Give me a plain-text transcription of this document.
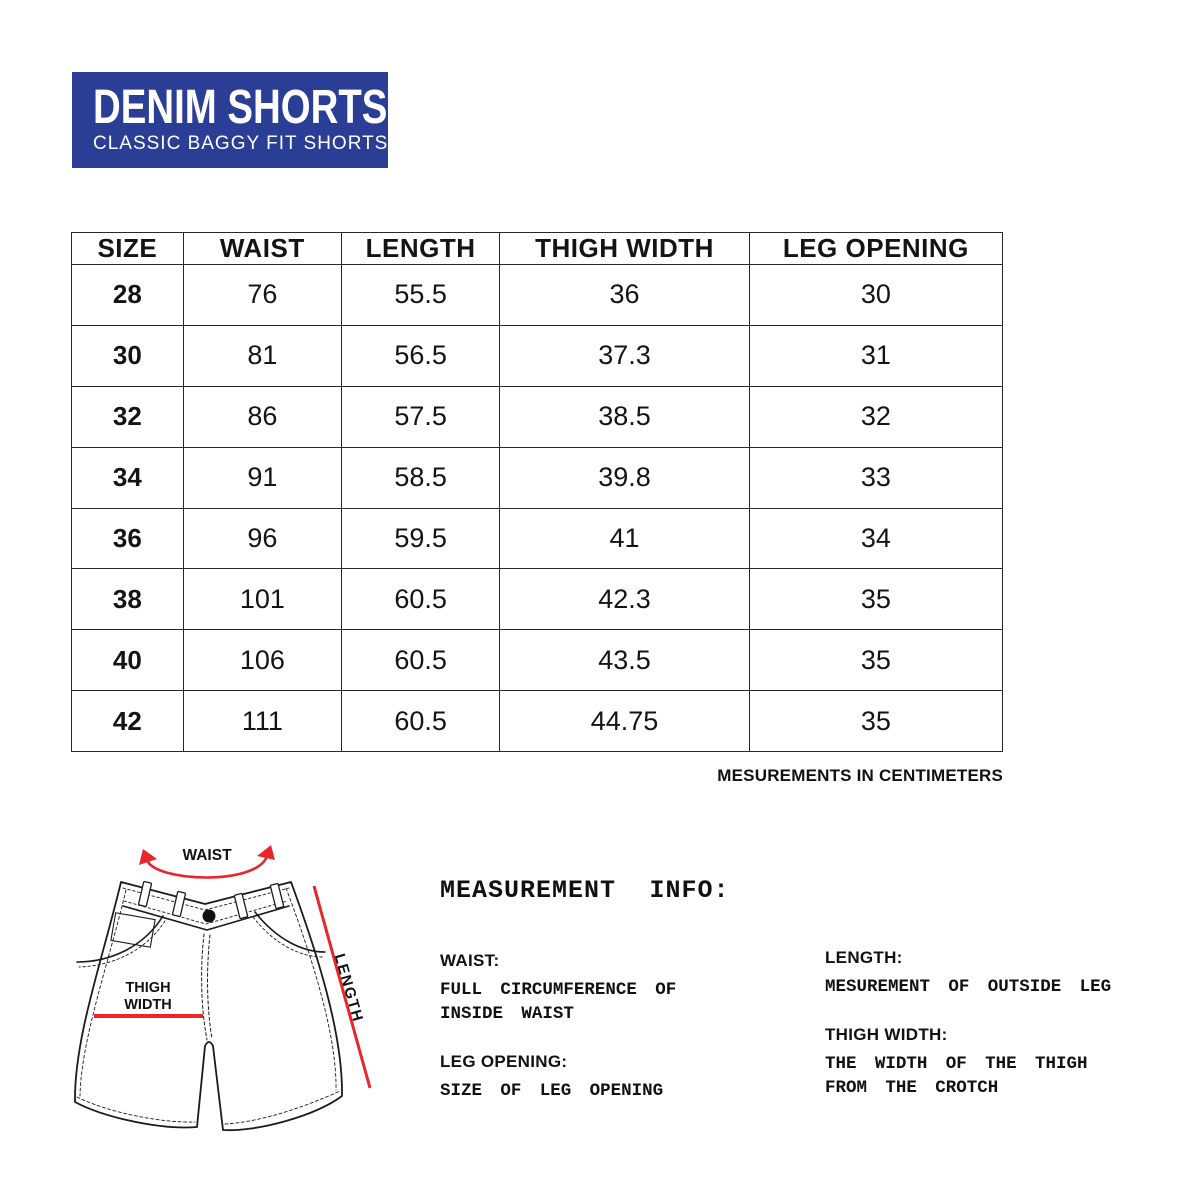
DENIM SHORTS
CLASSIC BAGGY FIT SHORTS
SIZE	WAIST	LENGTH	THIGH WIDTH	LEG OPENING
28	76	55.5	36	30
30	81	56.5	37.3	31
32	86	57.5	38.5	32
34	91	58.5	39.8	33
36	96	59.5	41	34
38	101	60.5	42.3	35
40	106	60.5	43.5	35
42	111	60.5	44.75	35
MESUREMENTS IN CENTIMETERS
WAIST
LENGTH
THIGH
WIDTH
MEASUREMENT INFO:
WAIST:
FULL CIRCUMFERENCE OF
INSIDE WAIST
LEG OPENING:
SIZE OF LEG OPENING
LENGTH:
MESUREMENT OF OUTSIDE LEG
THIGH WIDTH:
THE WIDTH OF THE THIGH
FROM THE CROTCH
